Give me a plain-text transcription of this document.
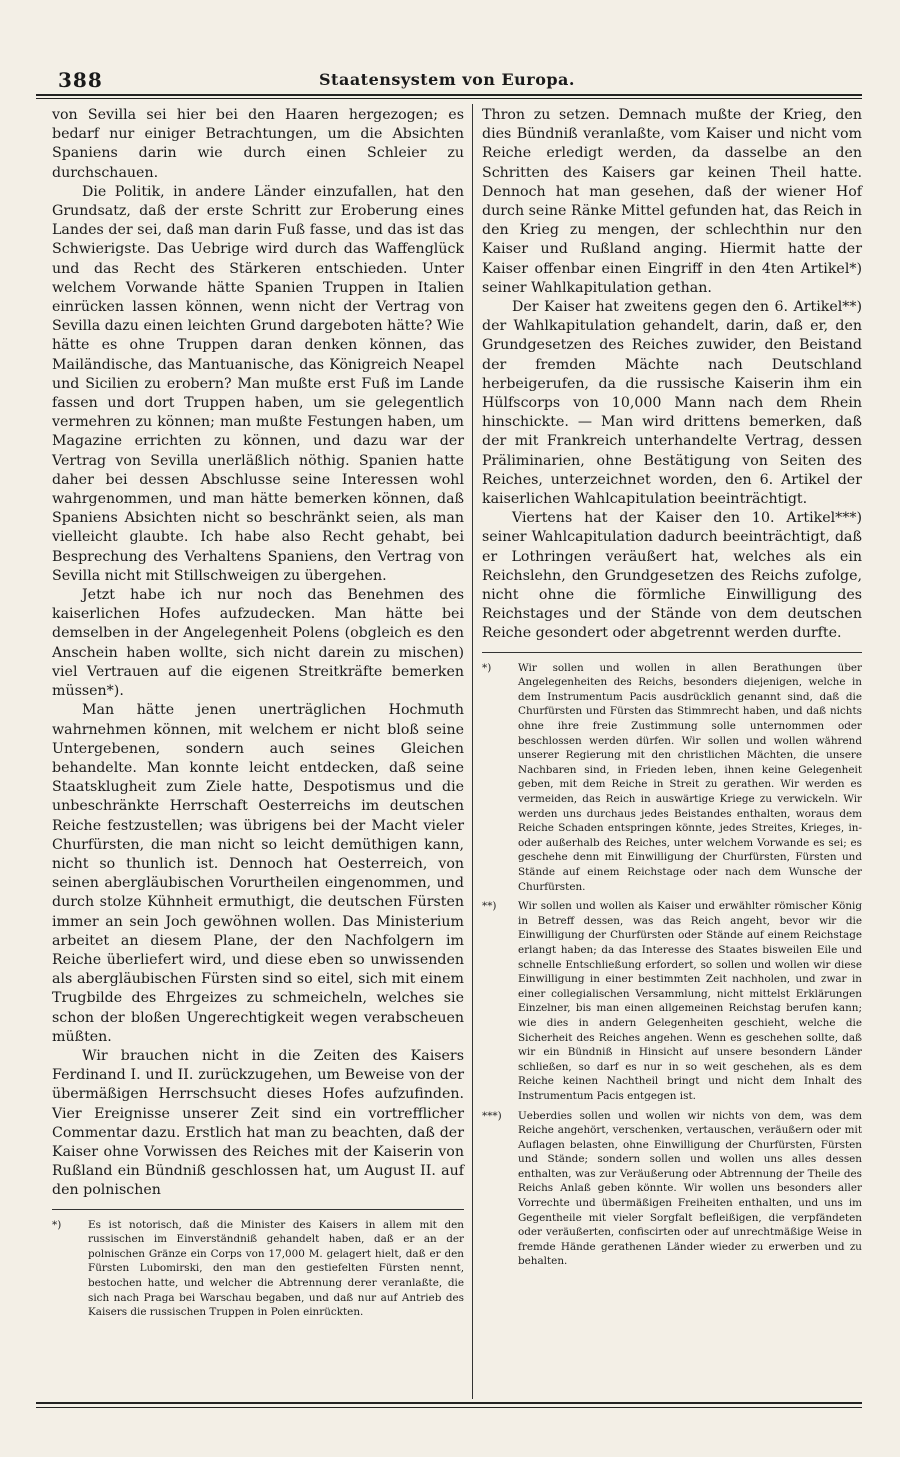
388	Staatensystem von Europa.

von Sevilla sei hier bei den Haaren hergezogen; es bedarf nur einiger Betrachtungen, um die Absichten Spaniens darin wie durch einen Schleier zu durchschauen.

Die Politik, in andere Länder einzufallen, hat den Grundsatz, daß der erste Schritt zur Eroberung eines Landes der sei, daß man darin Fuß fasse, und das ist das Schwierigste. Das Uebrige wird durch das Waffenglück und das Recht des Stärkeren entschieden. Unter welchem Vorwande hätte Spanien Truppen in Italien einrücken lassen können, wenn nicht der Vertrag von Sevilla dazu einen leichten Grund dargeboten hätte? Wie hätte es ohne Truppen daran denken können, das Mailändische, das Mantuanische, das Königreich Neapel und Sicilien zu erobern? Man mußte erst Fuß im Lande fassen und dort Truppen haben, um sie gelegentlich vermehren zu können; man mußte Festungen haben, um Magazine errichten zu können, und dazu war der Vertrag von Sevilla unerläßlich nöthig. Spanien hatte daher bei dessen Abschlusse seine Interessen wohl wahrgenommen, und man hätte bemerken können, daß Spaniens Absichten nicht so beschränkt seien, als man vielleicht glaubte. Ich habe also Recht gehabt, bei Besprechung des Verhaltens Spaniens, den Vertrag von Sevilla nicht mit Stillschweigen zu übergehen.

Jetzt habe ich nur noch das Benehmen des kaiserlichen Hofes aufzudecken. Man hätte bei demselben in der Angelegenheit Polens (obgleich es den Anschein haben wollte, sich nicht darein zu mischen) viel Vertrauen auf die eigenen Streitkräfte bemerken müssen*).

Man hätte jenen unerträglichen Hochmuth wahrnehmen können, mit welchem er nicht bloß seine Untergebenen, sondern auch seines Gleichen behandelte. Man konnte leicht entdecken, daß seine Staatsklugheit zum Ziele hatte, Despotismus und die unbeschränkte Herrschaft Oesterreichs im deutschen Reiche festzustellen; was übrigens bei der Macht vieler Churfürsten, die man nicht so leicht demüthigen kann, nicht so thunlich ist. Dennoch hat Oesterreich, von seinen abergläubischen Vorurtheilen eingenommen, und durch stolze Kühnheit ermuthigt, die deutschen Fürsten immer an sein Joch gewöhnen wollen. Das Ministerium arbeitet an diesem Plane, der den Nachfolgern im Reiche überliefert wird, und diese eben so unwissenden als abergläubischen Fürsten sind so eitel, sich mit einem Trugbilde des Ehrgeizes zu schmeicheln, welches sie schon der bloßen Ungerechtigkeit wegen verabscheuen müßten.

Wir brauchen nicht in die Zeiten des Kaisers Ferdinand I. und II. zurückzugehen, um Beweise von der übermäßigen Herrschsucht dieses Hofes aufzufinden. Vier Ereignisse unserer Zeit sind ein vortrefflicher Commentar dazu. Erstlich hat man zu beachten, daß der Kaiser ohne Vorwissen des Reiches mit der Kaiserin von Rußland ein Bündniß geschlossen hat, um August II. auf den polnischen

*)	Es ist notorisch, daß die Minister des Kaisers in allem mit den russischen im Einverständniß gehandelt haben, daß er an der polnischen Gränze ein Corps von 17,000 M. gelagert hielt, daß er den Fürsten Lubomirski, den man den gestiefelten Fürsten nennt, bestochen hatte, und welcher die Abtrennung derer veranlaßte, die sich nach Praga bei Warschau begaben, und daß nur auf Antrieb des Kaisers die russischen Truppen in Polen einrückten.

Thron zu setzen. Demnach mußte der Krieg, den dies Bündniß veranlaßte, vom Kaiser und nicht vom Reiche erledigt werden, da dasselbe an den Schritten des Kaisers gar keinen Theil hatte. Dennoch hat man gesehen, daß der wiener Hof durch seine Ränke Mittel gefunden hat, das Reich in den Krieg zu mengen, der schlechthin nur den Kaiser und Rußland anging. Hiermit hatte der Kaiser offenbar einen Eingriff in den 4ten Artikel*) seiner Wahlkapitulation gethan.

Der Kaiser hat zweitens gegen den 6. Artikel**) der Wahlkapitulation gehandelt, darin, daß er, den Grundgesetzen des Reiches zuwider, den Beistand der fremden Mächte nach Deutschland herbeigerufen, da die russische Kaiserin ihm ein Hülfscorps von 10,000 Mann nach dem Rhein hinschickte. — Man wird drittens bemerken, daß der mit Frankreich unterhandelte Vertrag, dessen Präliminarien, ohne Bestätigung von Seiten des Reiches, unterzeichnet worden, den 6. Artikel der kaiserlichen Wahlcapitulation beeinträchtigt.

Viertens hat der Kaiser den 10. Artikel***) seiner Wahlcapitulation dadurch beeinträchtigt, daß er Lothringen veräußert hat, welches als ein Reichslehn, den Grundgesetzen des Reichs zufolge, nicht ohne die förmliche Einwilligung des Reichstages und der Stände von dem deutschen Reiche gesondert oder abgetrennt werden durfte.

*)	Wir sollen und wollen in allen Berathungen über Angelegenheiten des Reichs, besonders diejenigen, welche in dem Instrumentum Pacis ausdrücklich genannt sind, daß die Churfürsten und Fürsten das Stimmrecht haben, und daß nichts ohne ihre freie Zustimmung solle unternommen oder beschlossen werden dürfen. Wir sollen und wollen während unserer Regierung mit den christlichen Mächten, die unsere Nachbaren sind, in Frieden leben, ihnen keine Gelegenheit geben, mit dem Reiche in Streit zu gerathen. Wir werden es vermeiden, das Reich in auswärtige Kriege zu verwickeln. Wir werden uns durchaus jedes Beistandes enthalten, woraus dem Reiche Schaden entspringen könnte, jedes Streites, Krieges, in- oder außerhalb des Reiches, unter welchem Vorwande es sei; es geschehe denn mit Einwilligung der Churfürsten, Fürsten und Stände auf einem Reichstage oder nach dem Wunsche der Churfürsten.
**)	Wir sollen und wollen als Kaiser und erwählter römischer König in Betreff dessen, was das Reich angeht, bevor wir die Einwilligung der Churfürsten oder Stände auf einem Reichstage erlangt haben; da das Interesse des Staates bisweilen Eile und schnelle Entschließung erfordert, so sollen und wollen wir diese Einwilligung in einer bestimmten Zeit nachholen, und zwar in einer collegialischen Versammlung, nicht mittelst Erklärungen Einzelner, bis man einen allgemeinen Reichstag berufen kann; wie dies in andern Gelegenheiten geschieht, welche die Sicherheit des Reiches angehen. Wenn es geschehen sollte, daß wir ein Bündniß in Hinsicht auf unsere besondern Länder schließen, so darf es nur in so weit geschehen, als es dem Reiche keinen Nachtheil bringt und nicht dem Inhalt des Instrumentum Pacis entgegen ist.
***)	Ueberdies sollen und wollen wir nichts von dem, was dem Reiche angehört, verschenken, vertauschen, veräußern oder mit Auflagen belasten, ohne Einwilligung der Churfürsten, Fürsten und Stände; sondern sollen und wollen uns alles dessen enthalten, was zur Veräußerung oder Abtrennung der Theile des Reichs Anlaß geben könnte. Wir wollen uns besonders aller Vorrechte und übermäßigen Freiheiten enthalten, und uns im Gegentheile mit vieler Sorgfalt befleißigen, die verpfändeten oder veräußerten, confiscirten oder auf unrechtmäßige Weise in fremde Hände gerathenen Länder wieder zu erwerben und zu behalten.
